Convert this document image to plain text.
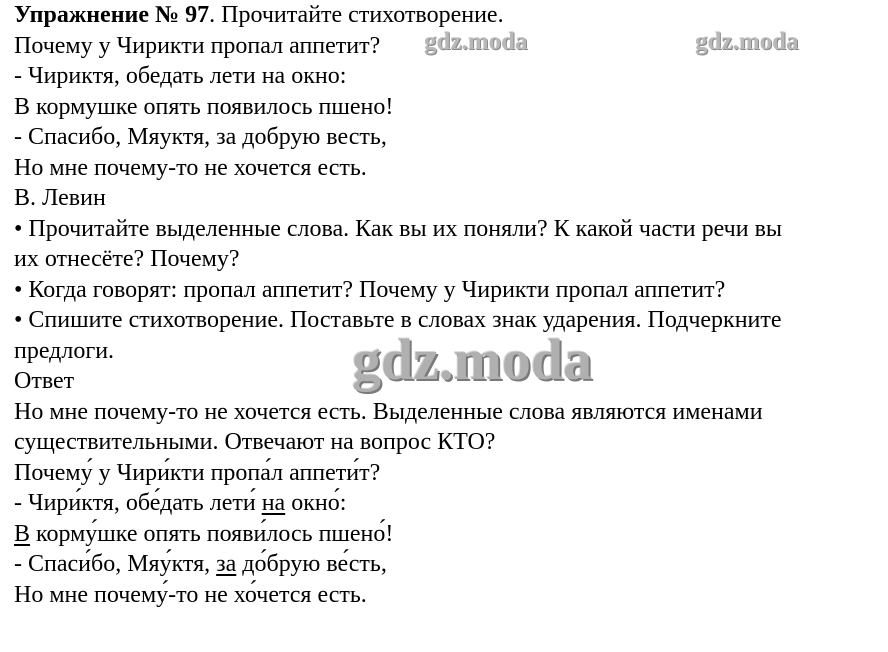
Упражнение № 97. Прочитайте стихотворение.
Почему у Чирикти пропал аппетит?
- Чириктя, обедать лети на окно:
В кормушке опять появилось пшено!
- Спасибо, Мяуктя, за добрую весть,
Но мне почему-то не хочется есть.
В. Левин
• Прочитайте выделенные слова. Как вы их поняли? К какой части речи вы
их отнесёте? Почему?
• Когда говорят: пропал аппетит? Почему у Чирикти пропал аппетит?
• Спишите стихотворение. Поставьте в словах знак ударения. Подчеркните
предлоги.
Ответ
Но мне почему-то не хочется есть. Выделенные слова являются именами
существительными. Отвечают на вопрос КТО?
Почему́ у Чири́кти пропа́л аппети́т?
- Чири́ктя, обе́дать лети́ на окно́:
В корму́шке опять появи́лось пшено́!
- Спаси́бо, Мяу́ктя, за до́брую ве́сть,
Но мне почему́-то не хо́чется есть.
gdz.moda	gdz.moda
gdz.moda
